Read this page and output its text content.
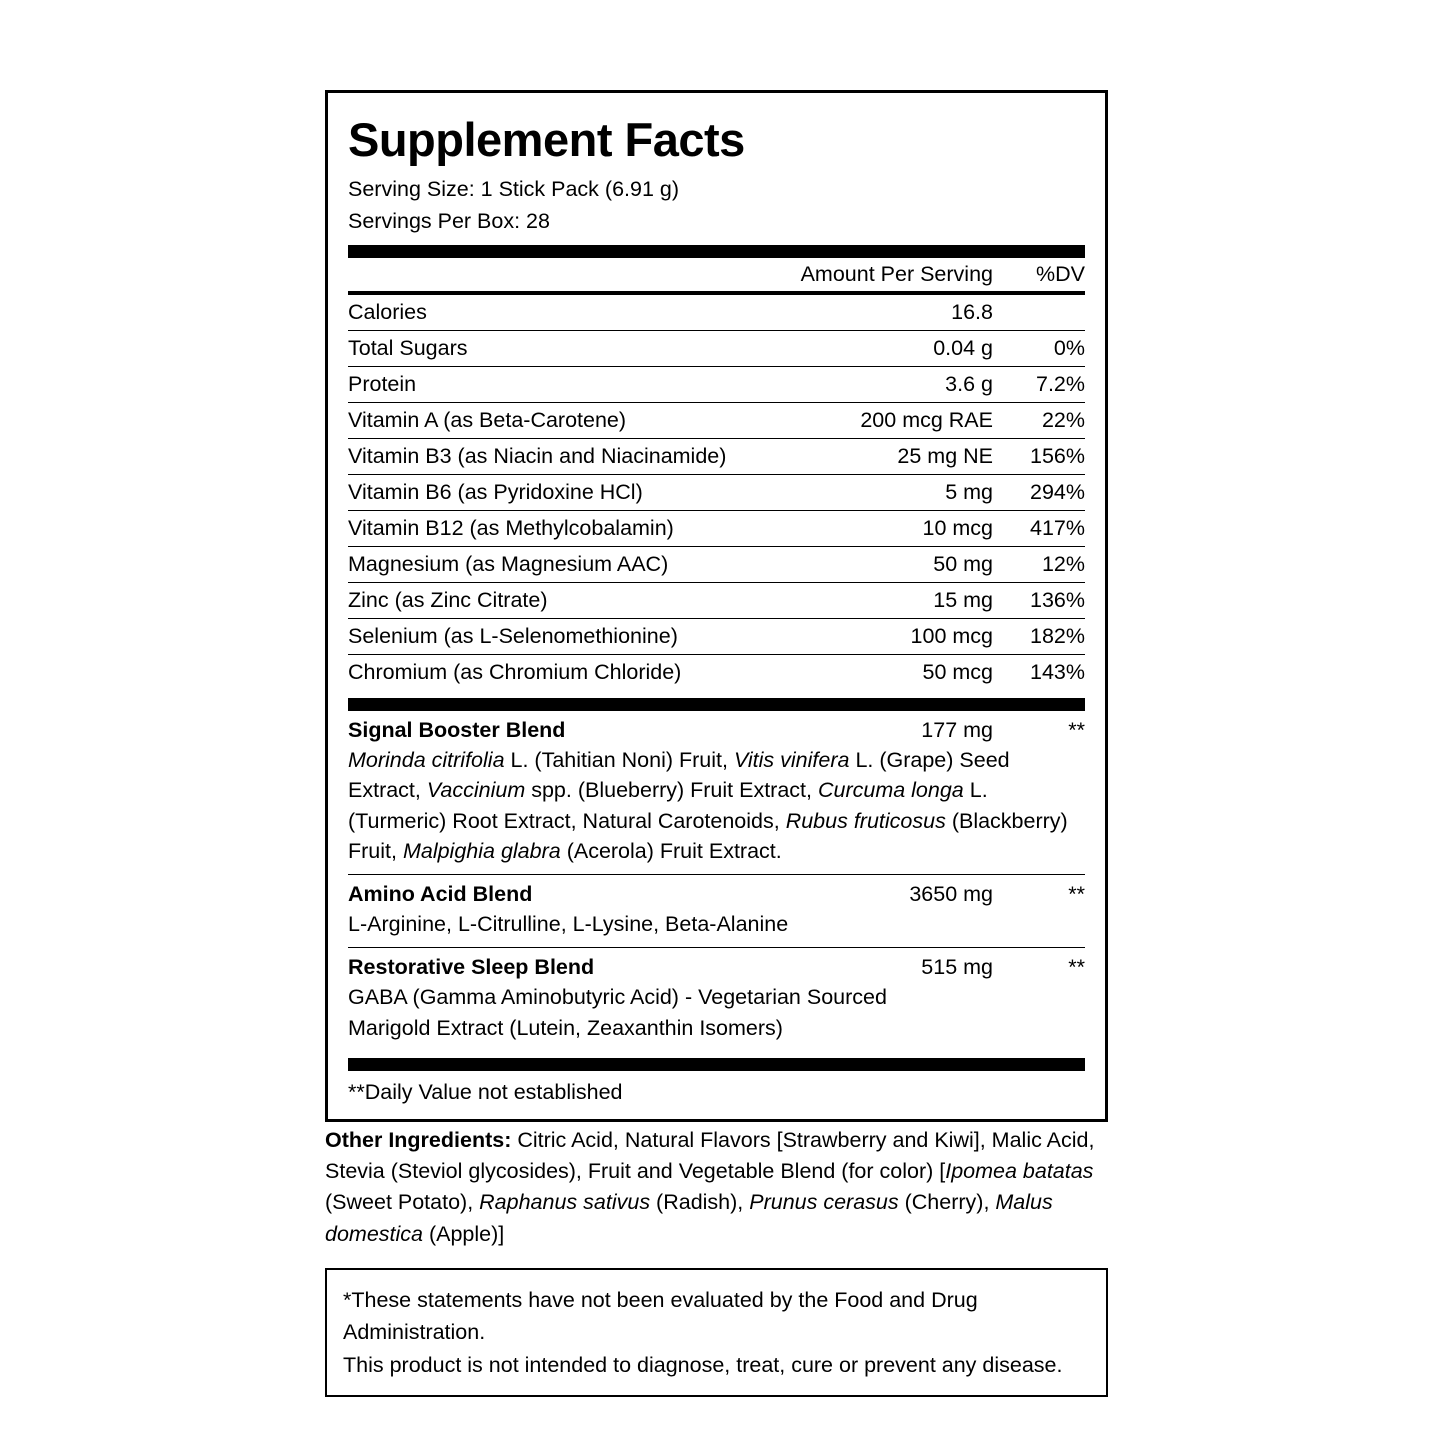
Supplement Facts
Serving Size: 1 Stick Pack (6.91 g)
Servings Per Box: 28
	Amount Per Serving	%DV
Calories	16.8	
Total Sugars	0.04 g	0%
Protein	3.6 g	7.2%
Vitamin A (as Beta-Carotene)	200 mcg RAE	22%
Vitamin B3 (as Niacin and Niacinamide)	25 mg NE	156%
Vitamin B6 (as Pyridoxine HCl)	5 mg	294%
Vitamin B12 (as Methylcobalamin)	10 mcg	417%
Magnesium (as Magnesium AAC)	50 mg	12%
Zinc (as Zinc Citrate)	15 mg	136%
Selenium (as L-Selenomethionine)	100 mcg	182%
Chromium (as Chromium Chloride)	50 mcg	143%
Signal Booster Blend	177 mg	**
Morinda citrifolia L. (Tahitian Noni) Fruit, Vitis vinifera L. (Grape) Seed Extract, Vaccinium spp. (Blueberry) Fruit Extract, Curcuma longa L. (Turmeric) Root Extract, Natural Carotenoids, Rubus fruticosus (Blackberry) Fruit, Malpighia glabra (Acerola) Fruit Extract.
Amino Acid Blend	3650 mg	**
L-Arginine, L-Citrulline, L-Lysine, Beta-Alanine
Restorative Sleep Blend	515 mg	**
GABA (Gamma Aminobutyric Acid) - Vegetarian Sourced
Marigold Extract (Lutein, Zeaxanthin Isomers)
**Daily Value not established
Other Ingredients: Citric Acid, Natural Flavors [Strawberry and Kiwi], Malic Acid, Stevia (Steviol glycosides), Fruit and Vegetable Blend (for color) [Ipomea batatas (Sweet Potato), Raphanus sativus (Radish), Prunus cerasus (Cherry), Malus domestica (Apple)]
*These statements have not been evaluated by the Food and Drug Administration.
This product is not intended to diagnose, treat, cure or prevent any disease.
